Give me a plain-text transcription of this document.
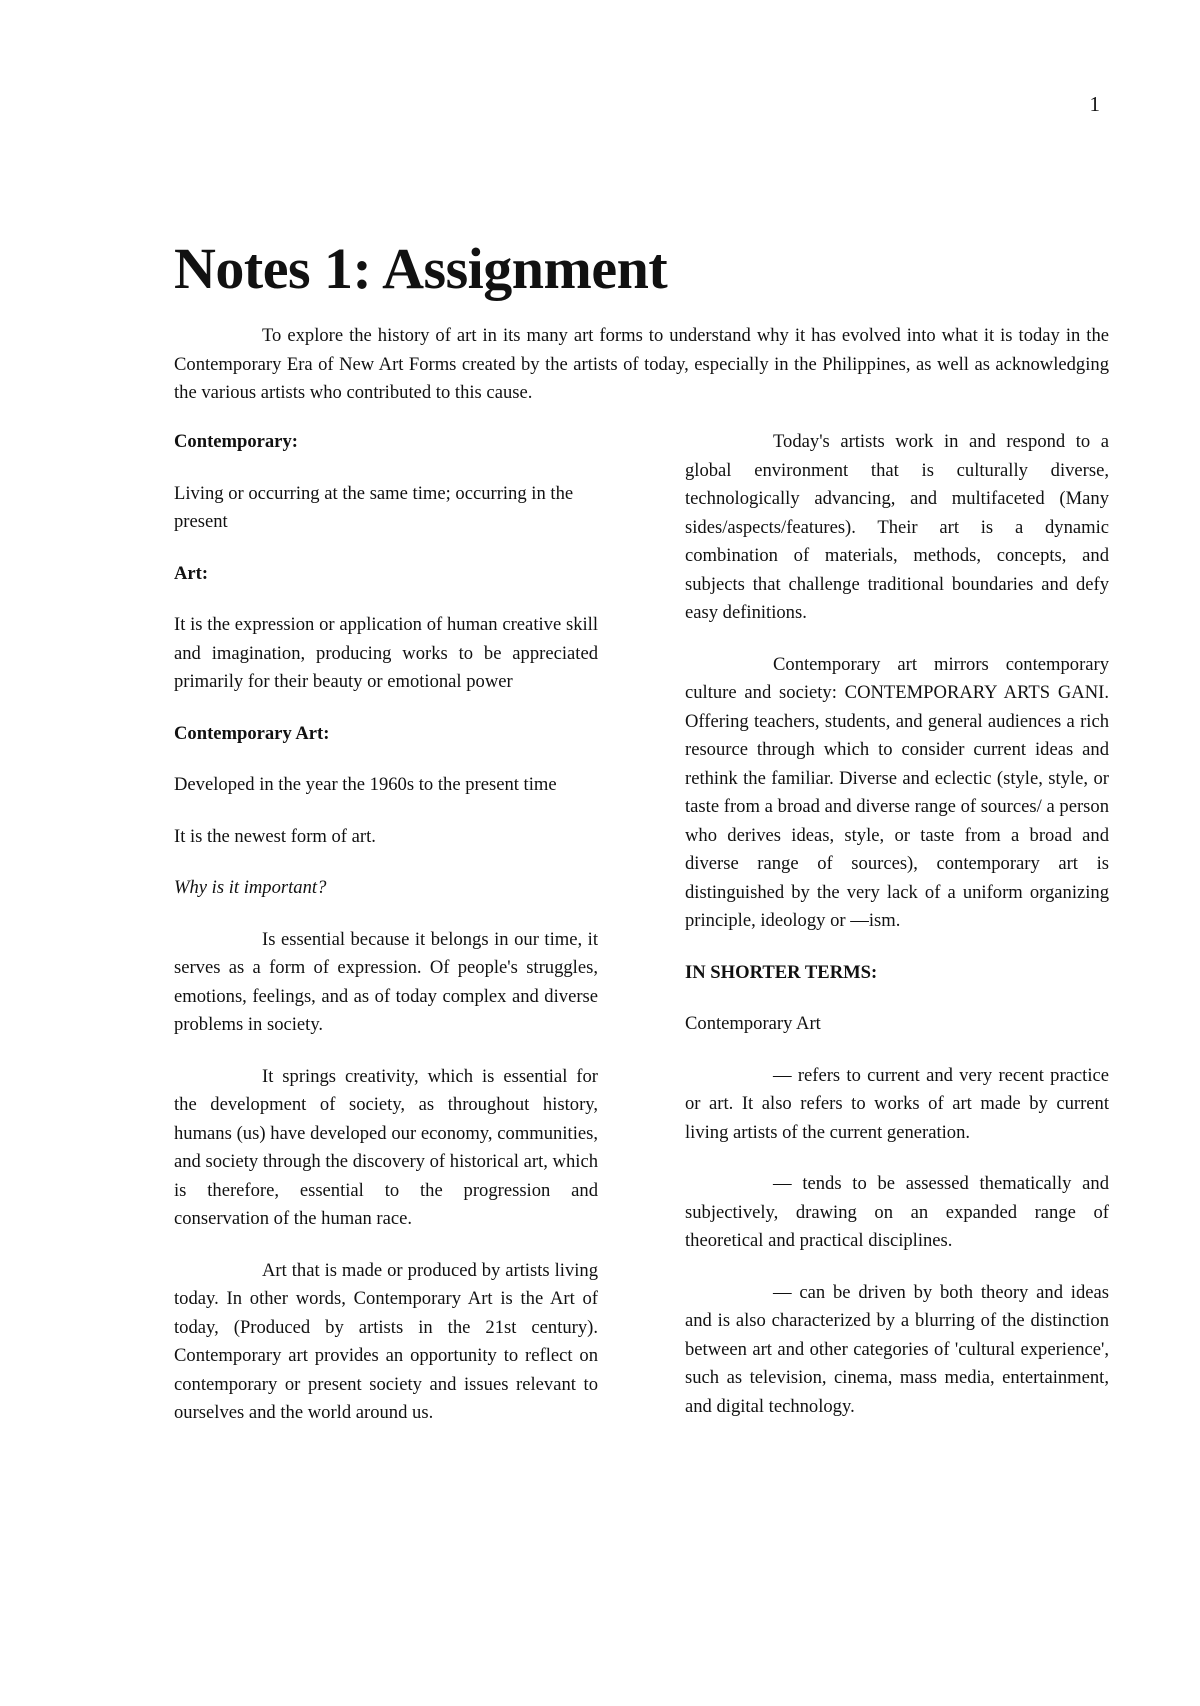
1
Notes 1: Assignment

To explore the history of art in its many art forms to understand why it has evolved into what it is today in the Contemporary Era of New Art Forms created by the artists of today, especially in the Philippines, as well as acknowledging the various artists who contributed to this cause.

Contemporary:

Living or occurring at the same time; occurring in the present

Art:

It is the expression or application of human creative skill and imagination, producing works to be appreciated primarily for their beauty or emotional power

Contemporary Art:

Developed in the year the 1960s to the present time

It is the newest form of art.

Why is it important?

Is essential because it belongs in our time, it serves as a form of expression. Of people's struggles, emotions, feelings, and as of today complex and diverse problems in society.

It springs creativity, which is essential for the development of society, as throughout history, humans (us) have developed our economy, communities, and society through the discovery of historical art, which is therefore, essential to the progression and conservation of the human race.

Art that is made or produced by artists living today. In other words, Contemporary Art is the Art of today, (Produced by artists in the 21st century). Contemporary art provides an opportunity to reflect on contemporary or present society and issues relevant to ourselves and the world around us.

Today's artists work in and respond to a global environment that is culturally diverse, technologically advancing, and multifaceted (Many sides/aspects/features). Their art is a dynamic combination of materials, methods, concepts, and subjects that challenge traditional boundaries and defy easy definitions.

Contemporary art mirrors contemporary culture and society: CONTEMPORARY ARTS GANI. Offering teachers, students, and general audiences a rich resource through which to consider current ideas and rethink the familiar. Diverse and eclectic (style, style, or taste from a broad and diverse range of sources/ a person who derives ideas, style, or taste from a broad and diverse range of sources), contemporary art is distinguished by the very lack of a uniform organizing principle, ideology or —ism.

IN SHORTER TERMS:

Contemporary Art

— refers to current and very recent practice or art. It also refers to works of art made by current living artists of the current generation.

— tends to be assessed thematically and subjectively, drawing on an expanded range of theoretical and practical disciplines.

— can be driven by both theory and ideas and is also characterized by a blurring of the distinction between art and other categories of 'cultural experience', such as television, cinema, mass media, entertainment, and digital technology.
